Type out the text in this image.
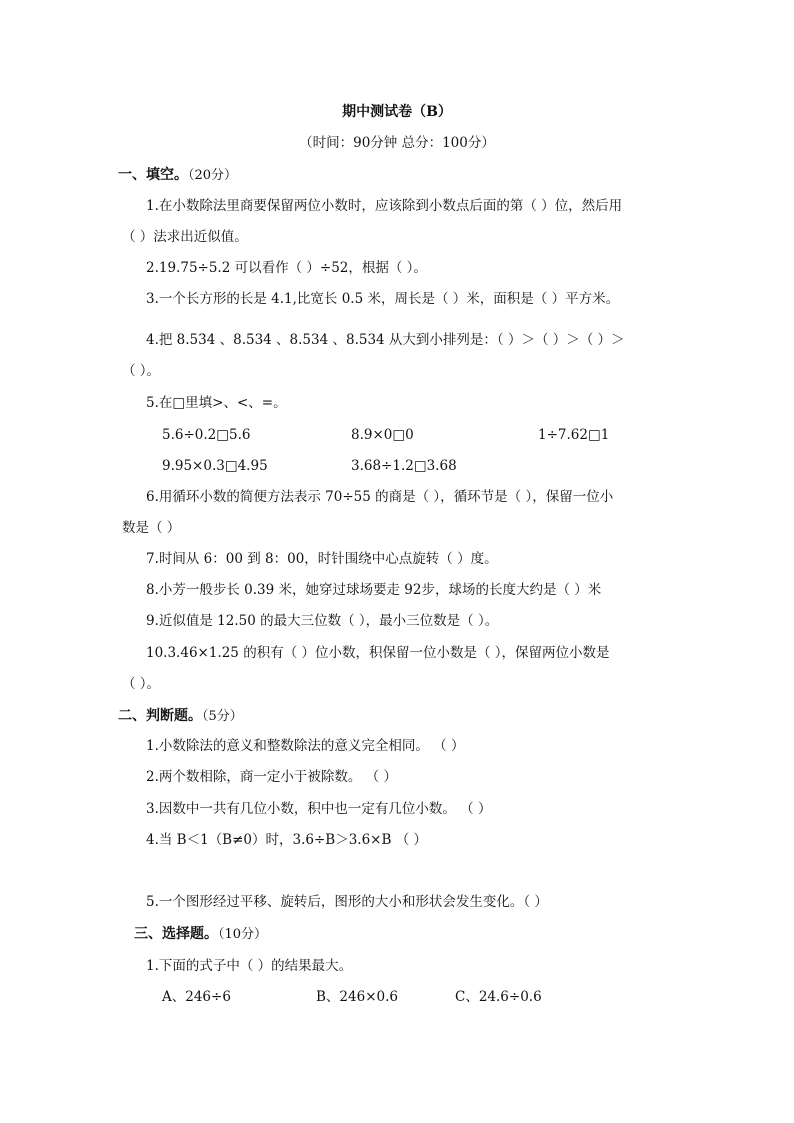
期中测试卷（B）
（时间：90分钟 总分：100分）
一、填空。（20分）
1.在小数除法里商要保留两位小数时，应该除到小数点后面的第（ ）位，然后用
（ ）法求出近似值。
2.19.75÷5.2 可以看作（ ）÷52，根据（ ）。
3.一个长方形的长是 4.1,比宽长 0.5 米，周长是（ ）米，面积是（ ）平方米。
4.把 8.53̇4̇ 、8.5̇34̇ 、8.534̇ 、8.534 从大到小排列是：（ ）＞（ ）＞（ ）＞
（ ）。
5.在□里填>、<、=。
5.6÷0.2□5.6	8.9×0□0	1÷7.62□1
9.95×0.3□4.95	3.68÷1.2□3.68
6.用循环小数的简便方法表示 70÷55 的商是（ ），循环节是（ ），保留一位小
数是（ ）
7.时间从 6：00 到 8：00，时针围绕中心点旋转（ ）度。
8.小芳一般步长 0.39 米，她穿过球场要走 92步，球场的长度大约是（ ）米
9.近似值是 12.50 的最大三位数（ ），最小三位数是（ ）。
10.3.46×1.25 的积有（ ）位小数，积保留一位小数是（ ），保留两位小数是
（ ）。
二、判断题。（5分）
1.小数除法的意义和整数除法的意义完全相同。 （ ）
2.两个数相除，商一定小于被除数。 （ ）
3.因数中一共有几位小数，积中也一定有几位小数。 （ ）
4.当 B＜1（B≠0）时，3.6÷B＞3.6×B （ ）
5.一个图形经过平移、旋转后，图形的大小和形状会发生变化。（ ）
三、选择题。（10分）
1.下面的式子中（ ）的结果最大。
A、246÷6	B、246×0.6	C、24.6÷0.6
